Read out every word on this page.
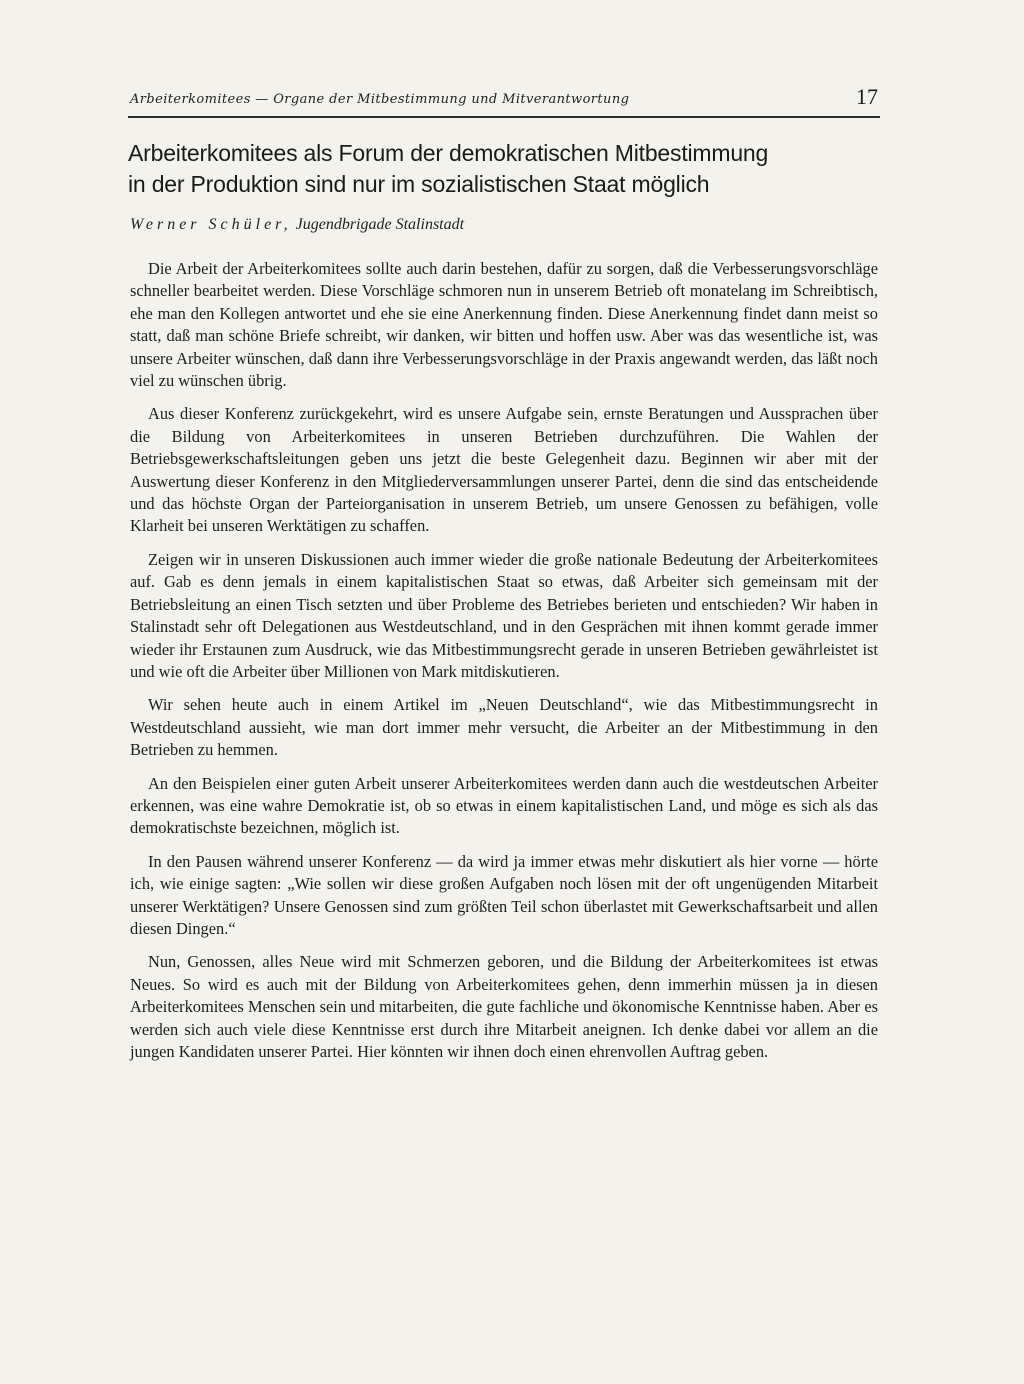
Arbeiterkomitees — Organe der Mitbestimmung und Mitverantwortung	17
Arbeiterkomitees als Forum der demokratischen Mitbestimmung
in der Produktion sind nur im sozialistischen Staat möglich
Werner Schüler, Jugendbrigade Stalinstadt

Die Arbeit der Arbeiterkomitees sollte auch darin bestehen, dafür zu sorgen, daß die Verbesserungsvorschläge schneller bearbeitet werden. Diese Vorschläge schmoren nun in unserem Betrieb oft monatelang im Schreibtisch, ehe man den Kollegen antwortet und ehe sie eine Anerkennung finden. Diese Anerkennung findet dann meist so statt, daß man schöne Briefe schreibt, wir danken, wir bitten und hoffen usw. Aber was das wesentliche ist, was unsere Arbeiter wünschen, daß dann ihre Verbesserungsvorschläge in der Praxis angewandt werden, das läßt noch viel zu wünschen übrig.

Aus dieser Konferenz zurückgekehrt, wird es unsere Aufgabe sein, ernste Beratungen und Aussprachen über die Bildung von Arbeiterkomitees in unseren Betrieben durchzuführen. Die Wahlen der Betriebsgewerkschaftsleitungen geben uns jetzt die beste Gelegenheit dazu. Beginnen wir aber mit der Auswertung dieser Konferenz in den Mitgliederversammlungen unserer Partei, denn die sind das entscheidende und das höchste Organ der Parteiorganisation in unserem Betrieb, um unsere Genossen zu befähigen, volle Klarheit bei unseren Werktätigen zu schaffen.

Zeigen wir in unseren Diskussionen auch immer wieder die große nationale Bedeutung der Arbeiterkomitees auf. Gab es denn jemals in einem kapitalistischen Staat so etwas, daß Arbeiter sich gemeinsam mit der Betriebsleitung an einen Tisch setzten und über Probleme des Betriebes berieten und entschieden? Wir haben in Stalinstadt sehr oft Delegationen aus Westdeutschland, und in den Gesprächen mit ihnen kommt gerade immer wieder ihr Erstaunen zum Ausdruck, wie das Mitbestimmungsrecht gerade in unseren Betrieben gewährleistet ist und wie oft die Arbeiter über Millionen von Mark mitdiskutieren.

Wir sehen heute auch in einem Artikel im „Neuen Deutschland“, wie das Mitbestimmungsrecht in Westdeutschland aussieht, wie man dort immer mehr versucht, die Arbeiter an der Mitbestimmung in den Betrieben zu hemmen.

An den Beispielen einer guten Arbeit unserer Arbeiterkomitees werden dann auch die westdeutschen Arbeiter erkennen, was eine wahre Demokratie ist, ob so etwas in einem kapitalistischen Land, und möge es sich als das demokratischste bezeichnen, möglich ist.

In den Pausen während unserer Konferenz — da wird ja immer etwas mehr diskutiert als hier vorne — hörte ich, wie einige sagten: „Wie sollen wir diese großen Aufgaben noch lösen mit der oft ungenügenden Mitarbeit unserer Werktätigen? Unsere Genossen sind zum größten Teil schon überlastet mit Gewerkschaftsarbeit und allen diesen Dingen.“

Nun, Genossen, alles Neue wird mit Schmerzen geboren, und die Bildung der Arbeiterkomitees ist etwas Neues. So wird es auch mit der Bildung von Arbeiterkomitees gehen, denn immerhin müssen ja in diesen Arbeiterkomitees Menschen sein und mitarbeiten, die gute fachliche und ökonomische Kenntnisse haben. Aber es werden sich auch viele diese Kenntnisse erst durch ihre Mitarbeit aneignen. Ich denke dabei vor allem an die jungen Kandidaten unserer Partei. Hier könnten wir ihnen doch einen ehrenvollen Auftrag geben.
